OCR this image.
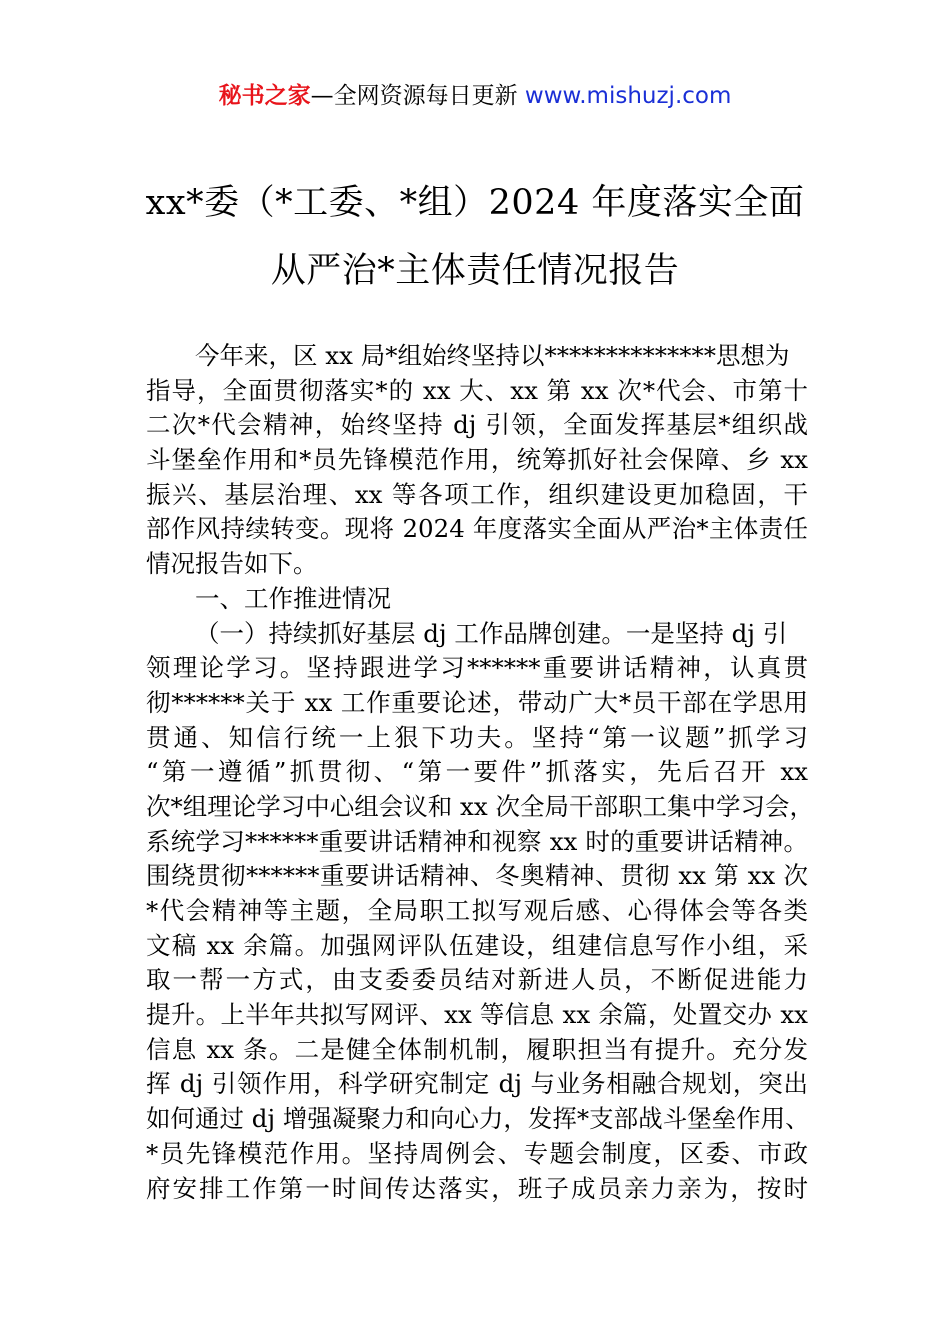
秘书之家—全网资源每日更新 www.mishuzj.com
xx*委（*工委、*组）2024 年度落实全面
从严治*主体责任情况报告
今年来，区 xx 局*组始终坚持以**************思想为
指导，全面贯彻落实*的 xx 大、xx 第 xx 次*代会、市第十
二次*代会精神，始终坚持 dj 引领，全面发挥基层*组织战
斗堡垒作用和*员先锋模范作用，统筹抓好社会保障、乡 xx
振兴、基层治理、xx 等各项工作，组织建设更加稳固，干
部作风持续转变。现将 2024 年度落实全面从严治*主体责任
情况报告如下。
一、工作推进情况
（一）持续抓好基层 dj 工作品牌创建。一是坚持 dj 引
领理论学习。坚持跟进学习******重要讲话精神，认真贯
彻******关于 xx 工作重要论述，带动广大*员干部在学思用
贯通、知信行统一上狠下功夫。坚持“第一议题”抓学习
“第一遵循”抓贯彻、“第一要件”抓落实，先后召开 xx
次*组理论学习中心组会议和 xx 次全局干部职工集中学习会，
系统学习******重要讲话精神和视察 xx 时的重要讲话精神。
围绕贯彻******重要讲话精神、冬奥精神、贯彻 xx 第 xx 次
*代会精神等主题，全局职工拟写观后感、心得体会等各类
文稿 xx 余篇。加强网评队伍建设，组建信息写作小组，采
取一帮一方式，由支委委员结对新进人员，不断促进能力
提升。上半年共拟写网评、xx 等信息 xx 余篇，处置交办 xx
信息 xx 条。二是健全体制机制，履职担当有提升。充分发
挥 dj 引领作用，科学研究制定 dj 与业务相融合规划，突出
如何通过 dj 增强凝聚力和向心力，发挥*支部战斗堡垒作用、
*员先锋模范作用。坚持周例会、专题会制度，区委、市政
府安排工作第一时间传达落实，班子成员亲力亲为，按时
